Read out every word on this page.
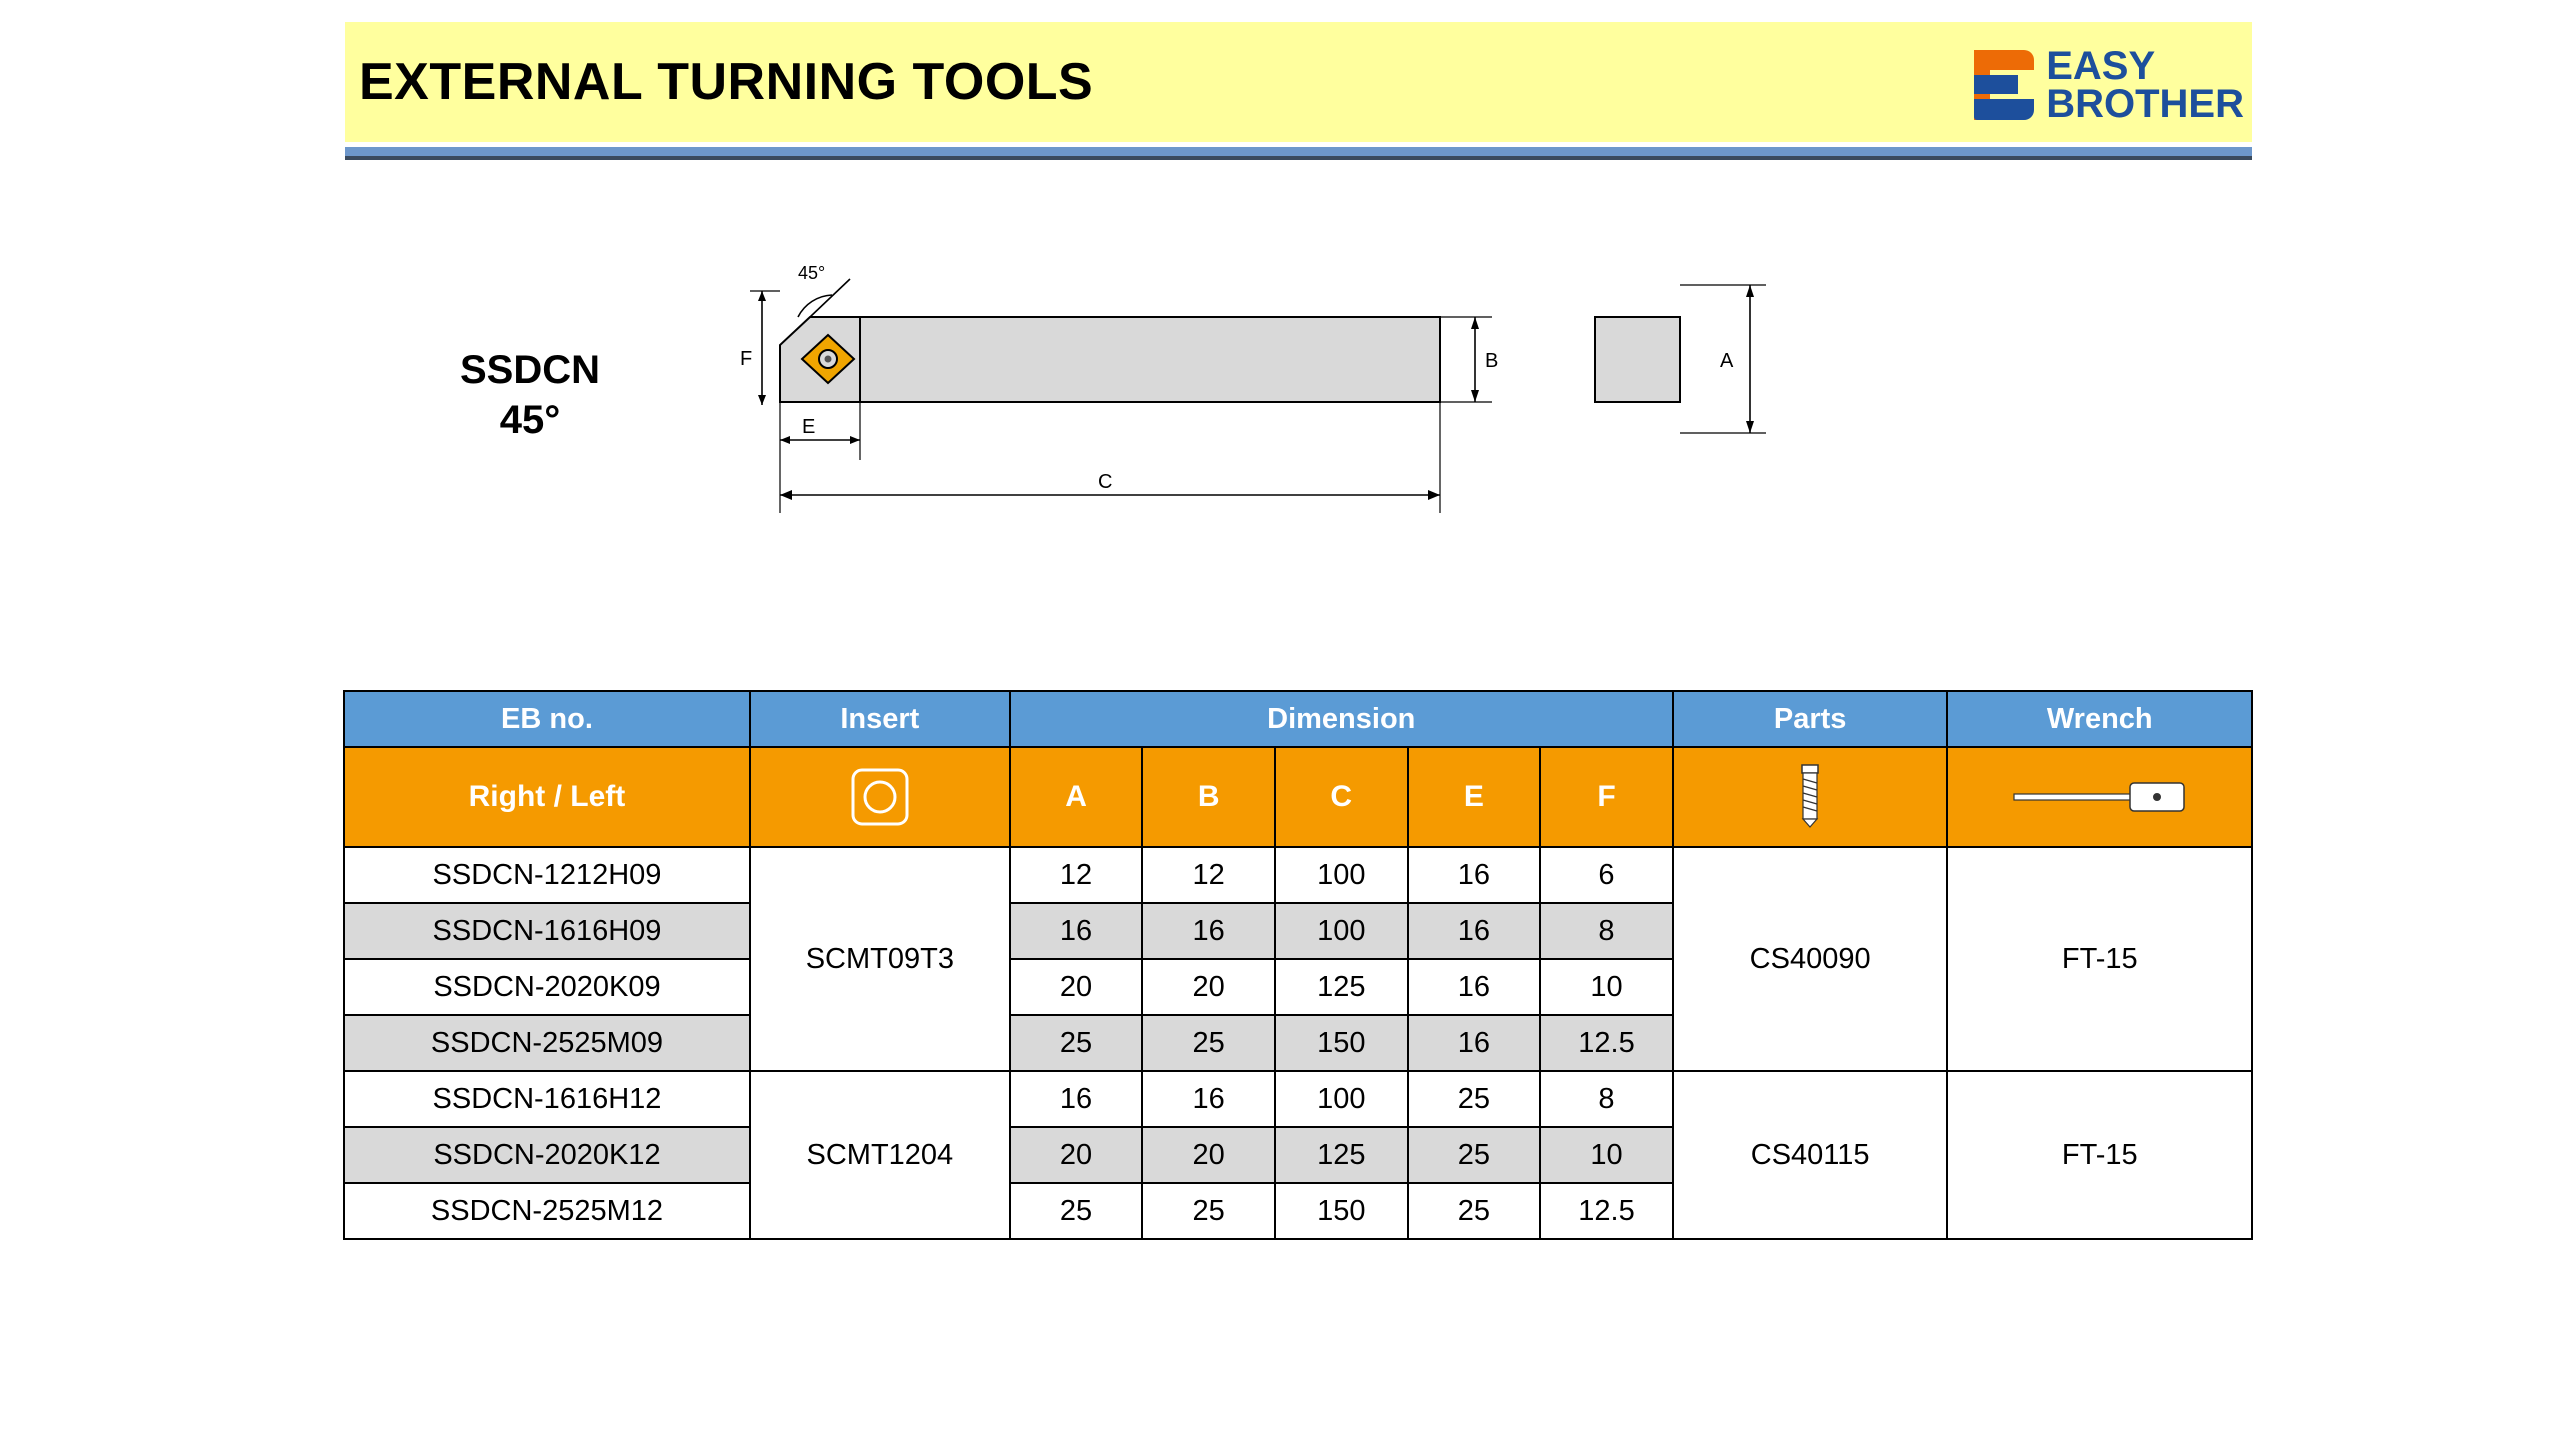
EXTERNAL TURNING TOOLS	EASY
BROTHER
SSDCN
45°
45°
F
E
C
B	A
EB no.	Insert	Dimension					Parts	Wrench
Right / Left		A	B	C	E	F	

SSDCN-1212H09	SCMT09T3	12	12	100	16	6	CS40090	FT-15
SSDCN-1616H09		16	16	100	16	8		
SSDCN-2020K09		20	20	125	16	10		
SSDCN-2525M09		25	25	150	16	12.5		
SSDCN-1616H12	SCMT1204	16	16	100	25	8	CS40115	FT-15
SSDCN-2020K12		20	20	125	25	10		
SSDCN-2525M12		25	25	150	25	12.5		
